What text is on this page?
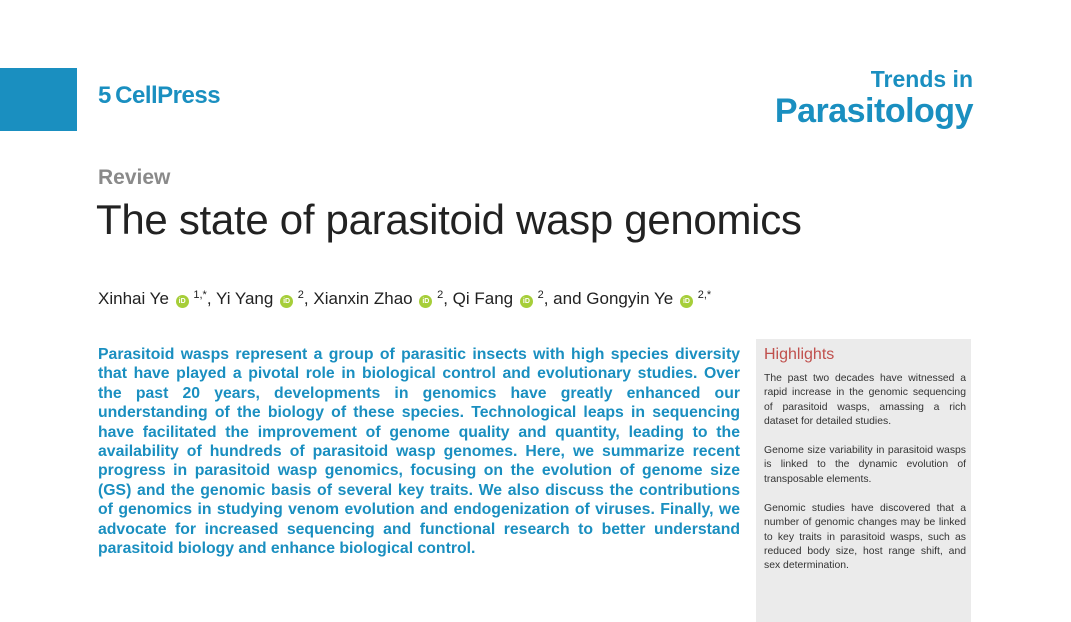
5 CellPress
Trends in
Parasitology
Review
The state of parasitoid wasp genomics
Xinhai Ye iD $^{1,*}$, Yi Yang iD $^2$, Xianxin Zhao iD $^2$, Qi Fang iD $^2$, and Gongyin Ye iD $^{2,*}$

Parasitoid wasps represent a group of parasitic insects with high species diversity that have played a pivotal role in biological control and evolutionary studies. Over the past 20 years, developments in genomics have greatly enhanced our understanding of the biology of these species. Technological leaps in sequencing have facilitated the improvement of genome quality and quantity, leading to the availability of hundreds of parasitoid wasp genomes. Here, we summarize recent progress in parasitoid wasp genomics, focusing on the evolution of genome size (GS) and the genomic basis of several key traits. We also discuss the contributions of genomics in studying venom evolution and endogenization of viruses. Finally, we advocate for increased sequencing and functional research to better understand parasitoid biology and enhance biological control.

Highlights

The past two decades have witnessed a rapid increase in the genomic sequencing of parasitoid wasps, amassing a rich dataset for detailed studies.

Genome size variability in parasitoid wasps is linked to the dynamic evolution of transposable elements.

Genomic studies have discovered that a number of genomic changes may be linked to key traits in parasitoid wasps, such as reduced body size, host range shift, and sex determination.
